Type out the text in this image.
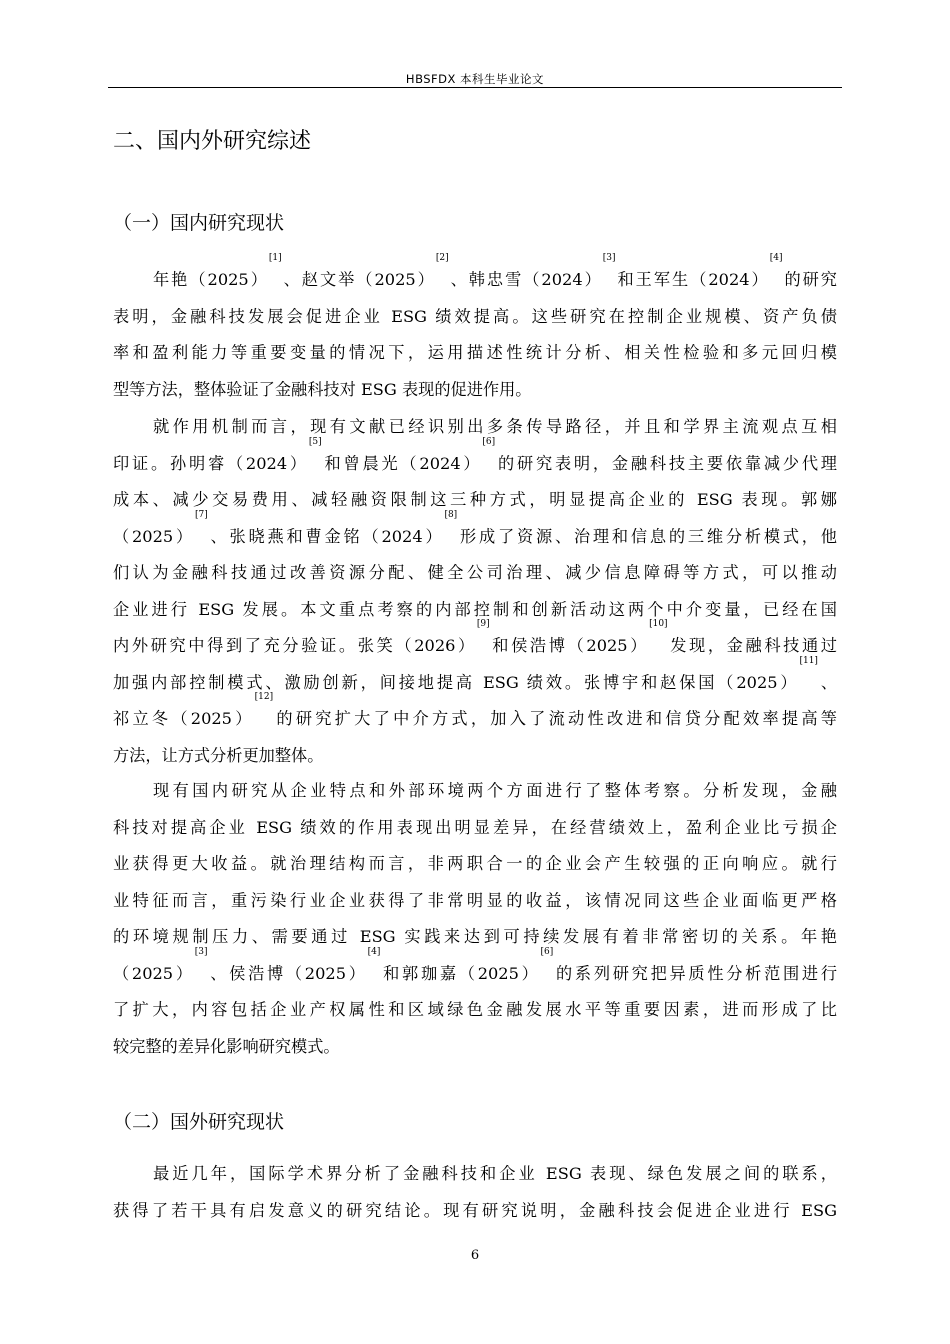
HBSFDX 本科生毕业论文
二、国内外研究综述
（一）国内研究现状
年艳（2025）[1]、赵文举（2025）[2]、韩忠雪（2024）[3]和王军生（2024）[4]的研究
表明，金融科技发展会促进企业 ESG 绩效提高。这些研究在控制企业规模、资产负债
率和盈利能力等重要变量的情况下，运用描述性统计分析、相关性检验和多元回归模
型等方法，整体验证了金融科技对 ESG 表现的促进作用。
就作用机制而言，现有文献已经识别出多条传导路径，并且和学界主流观点互相
印证。孙明睿（2024）[5]和曾晨光（2024）[6]的研究表明，金融科技主要依靠减少代理
成本、减少交易费用、减轻融资限制这三种方式，明显提高企业的 ESG 表现。郭娜
（2025）[7]、张晓燕和曹金铭（2024）[8]形成了资源、治理和信息的三维分析模式，他
们认为金融科技通过改善资源分配、健全公司治理、减少信息障碍等方式，可以推动
企业进行 ESG 发展。本文重点考察的内部控制和创新活动这两个中介变量，已经在国
内外研究中得到了充分验证。张笑（2026）[9]和侯浩博（2025）[10]发现，金融科技通过
加强内部控制模式、激励创新，间接地提高 ESG 绩效。张博宇和赵保国（2025）[11]、
祁立冬（2025）[12]的研究扩大了中介方式，加入了流动性改进和信贷分配效率提高等
方法，让方式分析更加整体。
现有国内研究从企业特点和外部环境两个方面进行了整体考察。分析发现，金融
科技对提高企业 ESG 绩效的作用表现出明显差异，在经营绩效上，盈利企业比亏损企
业获得更大收益。就治理结构而言，非两职合一的企业会产生较强的正向响应。就行
业特征而言，重污染行业企业获得了非常明显的收益，该情况同这些企业面临更严格
的环境规制压力、需要通过 ESG 实践来达到可持续发展有着非常密切的关系。年艳
（2025）[3]、侯浩博（2025）[4]和郭珈嘉（2025）[6]的系列研究把异质性分析范围进行
了扩大，内容包括企业产权属性和区域绿色金融发展水平等重要因素，进而形成了比
较完整的差异化影响研究模式。
（二）国外研究现状
最近几年，国际学术界分析了金融科技和企业 ESG 表现、绿色发展之间的联系，
获得了若干具有启发意义的研究结论。现有研究说明，金融科技会促进企业进行 ESG
6
